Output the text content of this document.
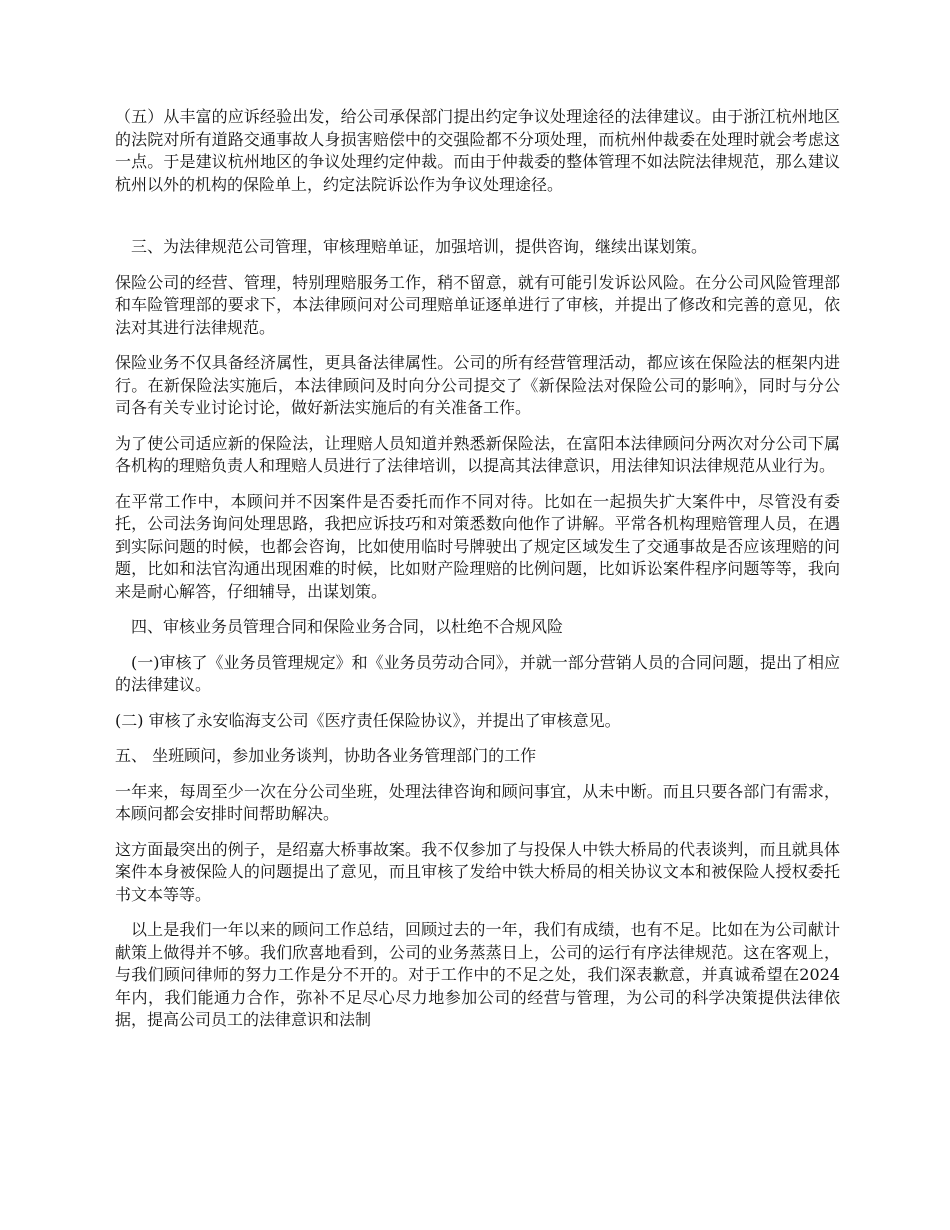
（五）从丰富的应诉经验出发，给公司承保部门提出约定争议处理途径的法律建议。由于浙江杭州地区的法院对所有道路交通事故人身损害赔偿中的交强险都不分项处理，而杭州仲裁委在处理时就会考虑这一点。于是建议杭州地区的争议处理约定仲裁。而由于仲裁委的整体管理不如法院法律规范，那么建议杭州以外的机构的保险单上，约定法院诉讼作为争议处理途径。

三、为法律规范公司管理，审核理赔单证，加强培训，提供咨询，继续出谋划策。

保险公司的经营、管理，特别理赔服务工作，稍不留意，就有可能引发诉讼风险。在分公司风险管理部和车险管理部的要求下，本法律顾问对公司理赔单证逐单进行了审核，并提出了修改和完善的意见，依法对其进行法律规范。

保险业务不仅具备经济属性，更具备法律属性。公司的所有经营管理活动，都应该在保险法的框架内进行。在新保险法实施后，本法律顾问及时向分公司提交了《新保险法对保险公司的影响》，同时与分公司各有关专业讨论讨论，做好新法实施后的有关准备工作。

为了使公司适应新的保险法，让理赔人员知道并熟悉新保险法，在富阳本法律顾问分两次对分公司下属各机构的理赔负责人和理赔人员进行了法律培训，以提高其法律意识，用法律知识法律规范从业行为。

在平常工作中，本顾问并不因案件是否委托而作不同对待。比如在一起损失扩大案件中，尽管没有委托，公司法务询问处理思路，我把应诉技巧和对策悉数向他作了讲解。平常各机构理赔管理人员，在遇到实际问题的时候，也都会咨询，比如使用临时号牌驶出了规定区域发生了交通事故是否应该理赔的问题，比如和法官沟通出现困难的时候，比如财产险理赔的比例问题，比如诉讼案件程序问题等等，我向来是耐心解答，仔细辅导，出谋划策。

四、审核业务员管理合同和保险业务合同，以杜绝不合规风险

(一)审核了《业务员管理规定》和《业务员劳动合同》，并就一部分营销人员的合同问题，提出了相应的法律建议。

(二) 审核了永安临海支公司《医疗责任保险协议》，并提出了审核意见。

五、 坐班顾问，参加业务谈判，协助各业务管理部门的工作

一年来，每周至少一次在分公司坐班，处理法律咨询和顾问事宜，从未中断。而且只要各部门有需求，本顾问都会安排时间帮助解决。

这方面最突出的例子，是绍嘉大桥事故案。我不仅参加了与投保人中铁大桥局的代表谈判，而且就具体案件本身被保险人的问题提出了意见，而且审核了发给中铁大桥局的相关协议文本和被保险人授权委托书文本等等。

以上是我们一年以来的顾问工作总结，回顾过去的一年，我们有成绩，也有不足。比如在为公司献计献策上做得并不够。我们欣喜地看到，公司的业务蒸蒸日上，公司的运行有序法律规范。这在客观上，与我们顾问律师的努力工作是分不开的。对于工作中的不足之处，我们深表歉意，并真诚希望在2024年内，我们能通力合作，弥补不足尽心尽力地参加公司的经营与管理，为公司的科学决策提供法律依据，提高公司员工的法律意识和法制
